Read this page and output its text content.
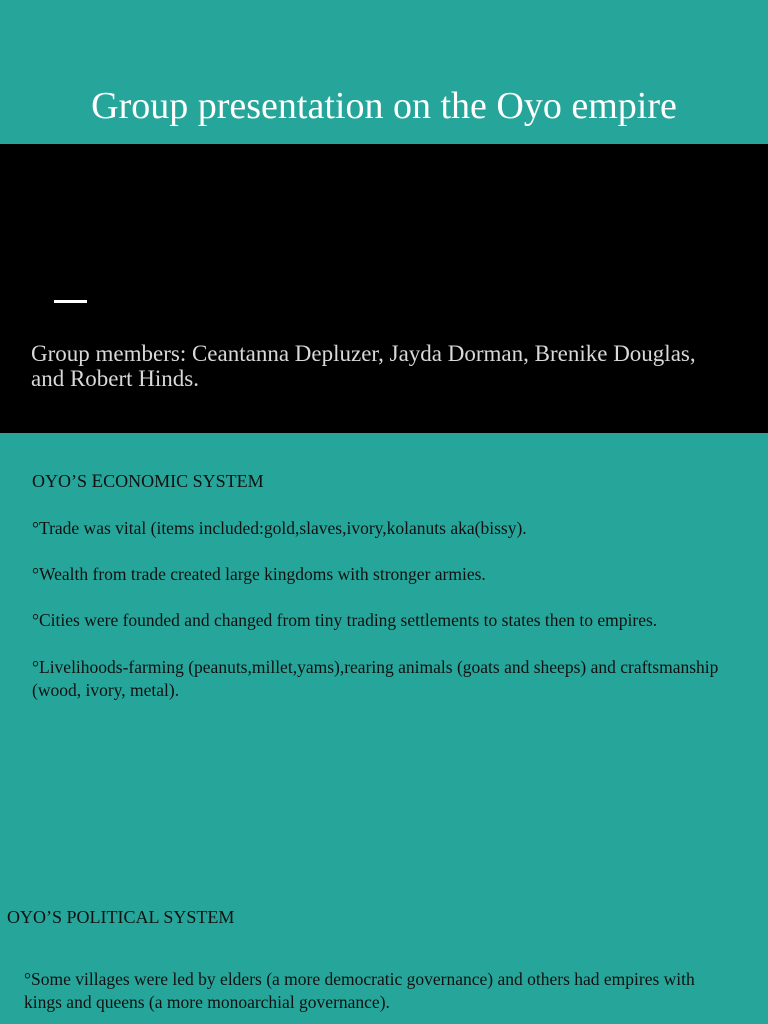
Group presentation on the Oyo empire
Group members: Ceantanna Depluzer, Jayda Dorman, Brenike Douglas, and Robert Hinds.
OYO’S ECONOMIC SYSTEM
°Trade was vital (items included:gold,slaves,ivory,kolanuts aka(bissy).
°Wealth from trade created large kingdoms with stronger armies.
°Cities were founded and changed from tiny trading settlements to states then to empires.
°Livelihoods-farming (peanuts,millet,yams),rearing animals (goats and sheeps) and craftsmanship (wood, ivory, metal).
OYO’S POLITICAL SYSTEM
°Some villages were led by elders (a more democratic governance) and others had empires with kings and queens (a more monoarchial governance).
